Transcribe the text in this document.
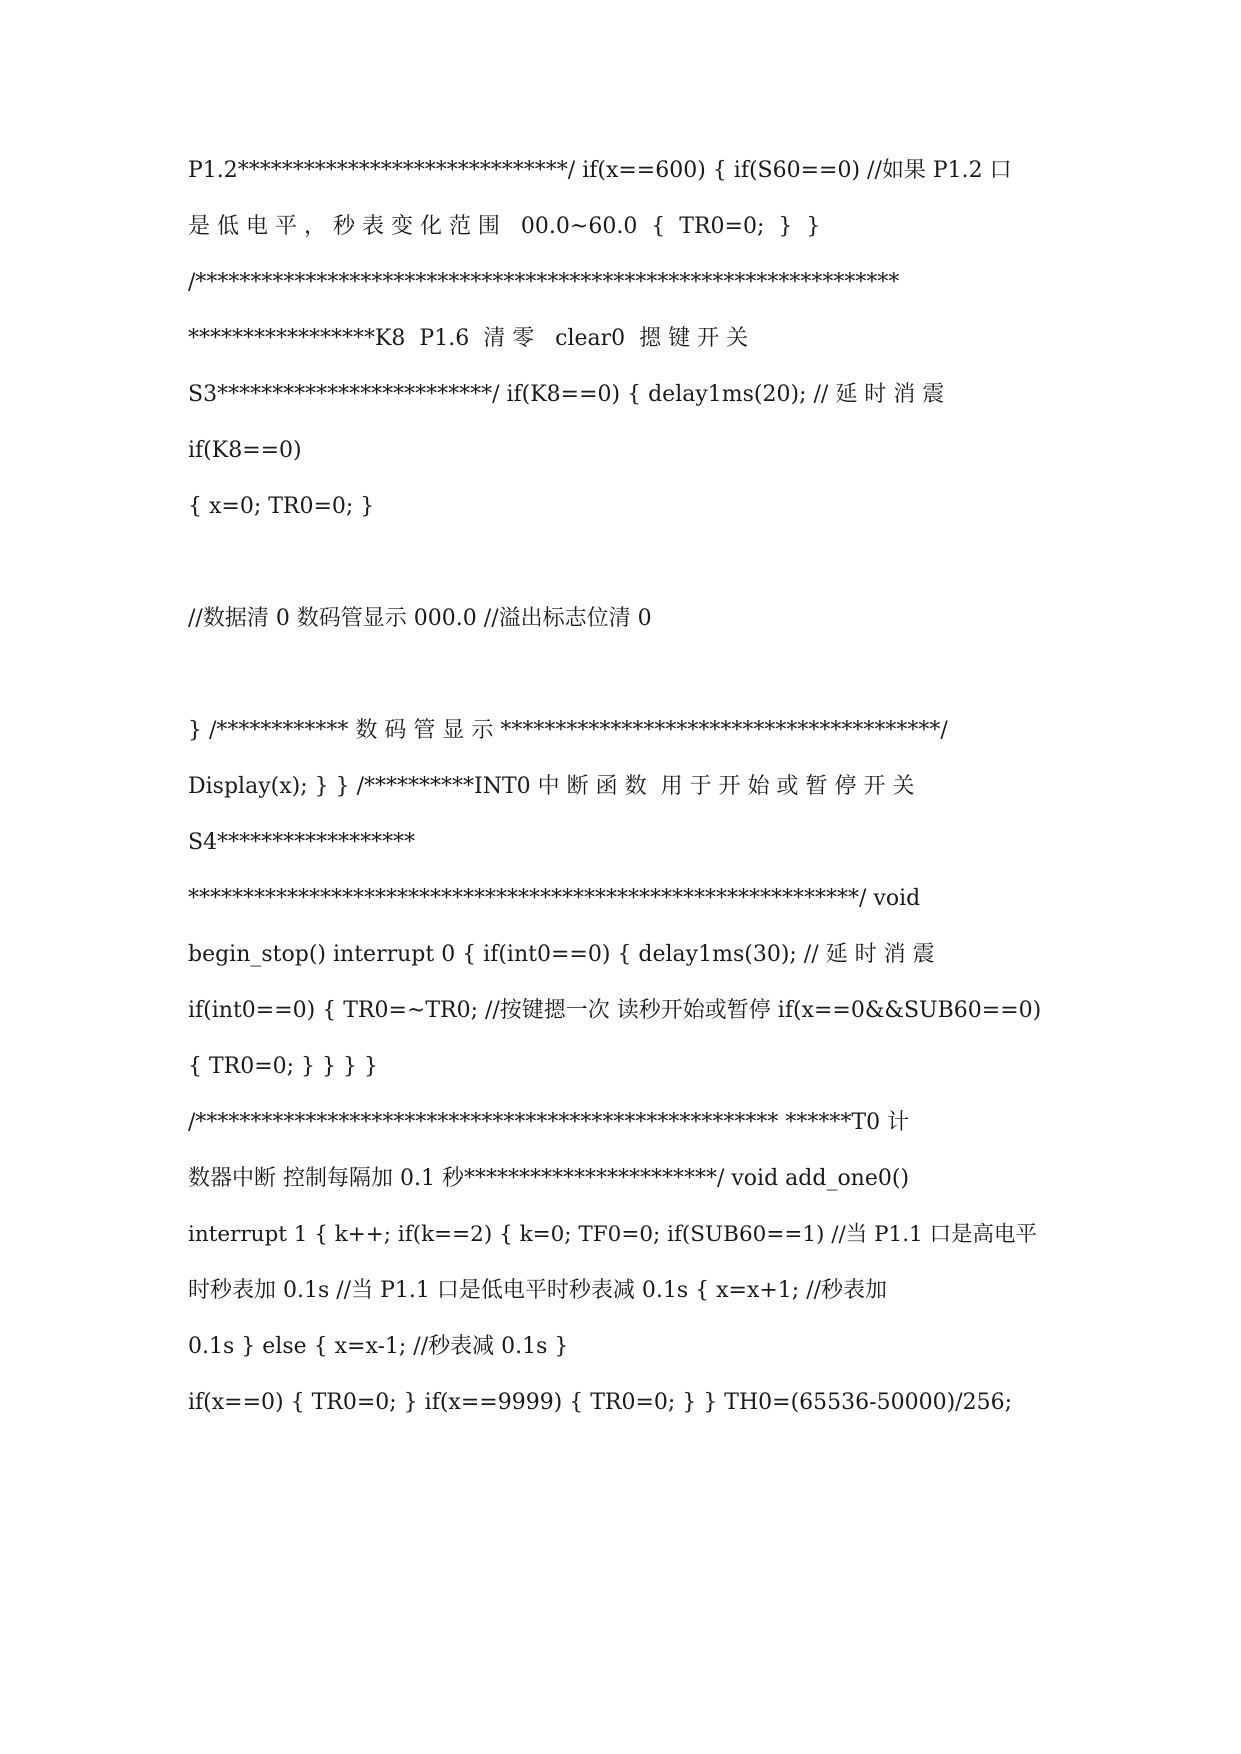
P1.2******************************/ if(x==600) { if(S60==0) //如果 P1.2 口
是 低 电 平 ， 秒 表 变 化 范 围   00.0~60.0  {  TR0=0;  }  }
/****************************************************************
*****************K8  P1.6  清 零   clear0  摁 键 开 关
S3*************************/ if(K8==0) { delay1ms(20); // 延 时 消 震
if(K8==0)
{ x=0; TR0=0; }
//数据清 0 数码管显示 000.0 //溢出标志位清 0
} /************ 数 码 管 显 示 ****************************************/
Display(x); } } /**********INT0 中 断 函 数  用 于 开 始 或 暂 停 开 关
S4******************
*************************************************************/ void
begin_stop() interrupt 0 { if(int0==0) { delay1ms(30); // 延 时 消 震
if(int0==0) { TR0=~TR0; //按键摁一次 读秒开始或暂停 if(x==0&&SUB60==0)
{ TR0=0; } } } }
/***************************************************** ******T0 计
数器中断 控制每隔加 0.1 秒***********************/ void add_one0()
interrupt 1 { k++; if(k==2) { k=0; TF0=0; if(SUB60==1) //当 P1.1 口是高电平
时秒表加 0.1s //当 P1.1 口是低电平时秒表减 0.1s { x=x+1; //秒表加
0.1s } else { x=x-1; //秒表减 0.1s }
if(x==0) { TR0=0; } if(x==9999) { TR0=0; } } TH0=(65536-50000)/256;
